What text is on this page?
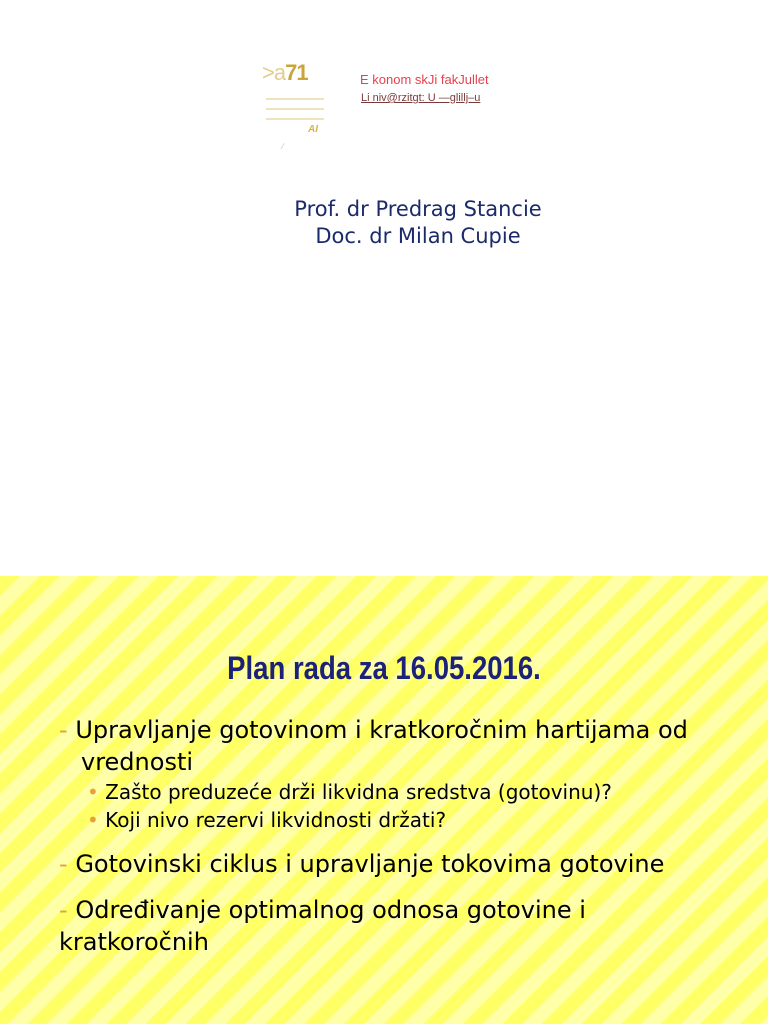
>a71
AI
⁄
E konom skJi fakJullet
Li niv@rzitgt: U —glillj–u
Prof. dr Predrag Stancie
Doc. dr Milan Cupie
Plan rada za 16.05.2016.
- Upravljanje gotovinom i kratkoročnim hartijama od
vrednosti
• Zašto preduzeće drži likvidna sredstva (gotovinu)?
• Koji nivo rezervi likvidnosti držati?
- Gotovinski ciklus i upravljanje tokovima gotovine
- Određivanje optimalnog odnosa gotovine i kratkoročnih
